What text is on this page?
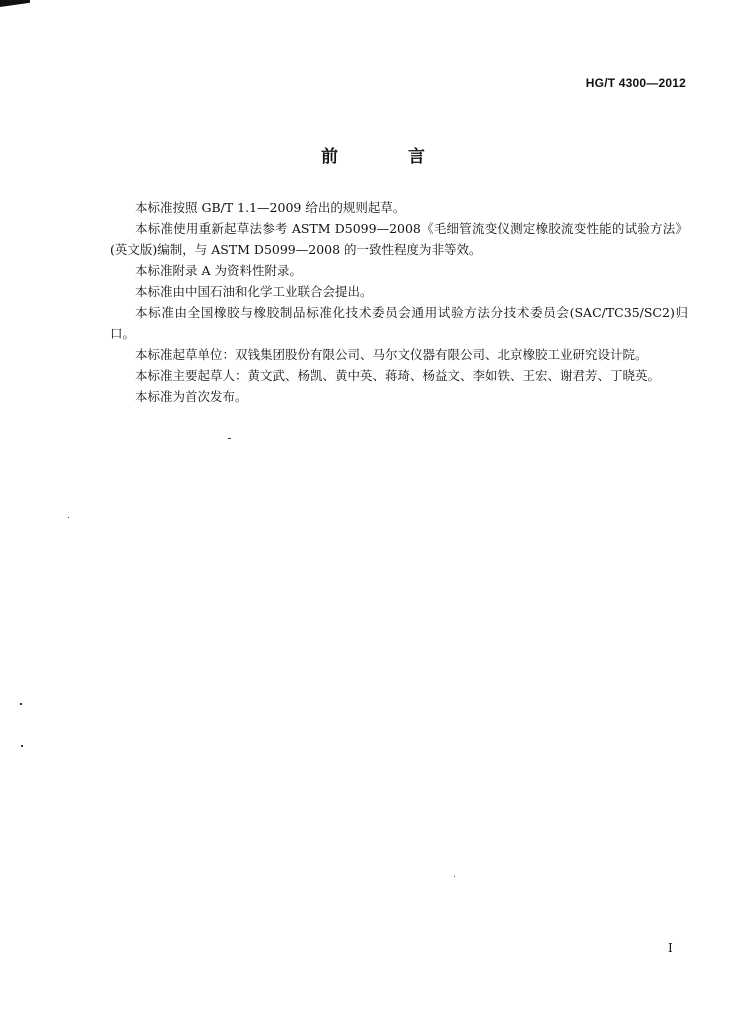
HG/T 4300—2012
前 言

本标准按照 GB/T 1.1—2009 给出的规则起草。

本标准使用重新起草法参考 ASTM D5099—2008《毛细管流变仪测定橡胶流变性能的试验方法》(英文版)编制，与 ASTM D5099—2008 的一致性程度为非等效。

本标准附录 A 为资料性附录。

本标准由中国石油和化学工业联合会提出。

本标准由全国橡胶与橡胶制品标准化技术委员会通用试验方法分技术委员会(SAC/TC35/SC2)归口。

本标准起草单位：双钱集团股份有限公司、马尔文仪器有限公司、北京橡胶工业研究设计院。

本标准主要起草人：黄文武、杨凯、黄中英、蒋琦、杨益文、李如铁、王宏、谢君芳、丁晓英。

本标准为首次发布。

I
